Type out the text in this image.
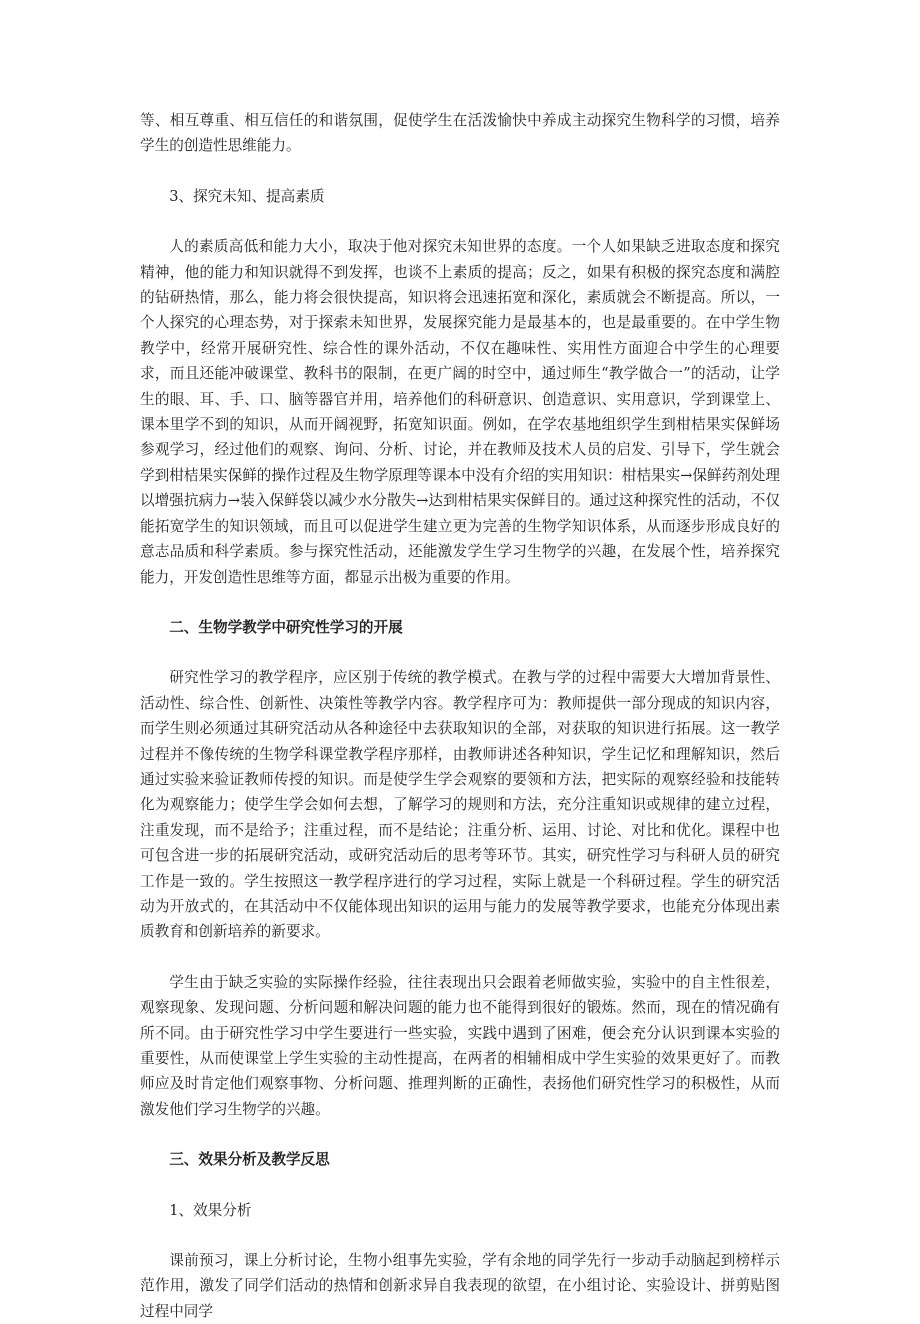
等、相互尊重、相互信任的和谐氛围，促使学生在活泼愉快中养成主动探究生物科学的习惯，培养学生的创造性思维能力。

3、探究未知、提高素质

人的素质高低和能力大小，取决于他对探究未知世界的态度。一个人如果缺乏进取态度和探究精神，他的能力和知识就得不到发挥，也谈不上素质的提高；反之，如果有积极的探究态度和满腔的钻研热情，那么，能力将会很快提高，知识将会迅速拓宽和深化，素质就会不断提高。所以，一个人探究的心理态势，对于探索未知世界，发展探究能力是最基本的，也是最重要的。在中学生物教学中，经常开展研究性、综合性的课外活动，不仅在趣味性、实用性方面迎合中学生的心理要求，而且还能冲破课堂、教科书的限制，在更广阔的时空中，通过师生“教学做合一”的活动，让学生的眼、耳、手、口、脑等器官并用，培养他们的科研意识、创造意识、实用意识，学到课堂上、课本里学不到的知识，从而开阔视野，拓宽知识面。例如，在学农基地组织学生到柑桔果实保鲜场参观学习，经过他们的观察、询问、分析、讨论，并在教师及技术人员的启发、引导下，学生就会学到柑桔果实保鲜的操作过程及生物学原理等课本中没有介绍的实用知识：柑桔果实→保鲜药剂处理以增强抗病力→装入保鲜袋以减少水分散失→达到柑桔果实保鲜目的。通过这种探究性的活动，不仅能拓宽学生的知识领域，而且可以促进学生建立更为完善的生物学知识体系，从而逐步形成良好的意志品质和科学素质。参与探究性活动，还能激发学生学习生物学的兴趣，在发展个性，培养探究能力，开发创造性思维等方面，都显示出极为重要的作用。

二、生物学教学中研究性学习的开展

研究性学习的教学程序，应区别于传统的教学模式。在教与学的过程中需要大大增加背景性、活动性、综合性、创新性、决策性等教学内容。教学程序可为：教师提供一部分现成的知识内容，而学生则必须通过其研究活动从各种途径中去获取知识的全部，对获取的知识进行拓展。这一教学过程并不像传统的生物学科课堂教学程序那样，由教师讲述各种知识，学生记忆和理解知识，然后通过实验来验证教师传授的知识。而是使学生学会观察的要领和方法，把实际的观察经验和技能转化为观察能力；使学生学会如何去想，了解学习的规则和方法，充分注重知识或规律的建立过程，注重发现，而不是给予；注重过程，而不是结论；注重分析、运用、讨论、对比和优化。课程中也可包含进一步的拓展研究活动，或研究活动后的思考等环节。其实，研究性学习与科研人员的研究工作是一致的。学生按照这一教学程序进行的学习过程，实际上就是一个科研过程。学生的研究活动为开放式的，在其活动中不仅能体现出知识的运用与能力的发展等教学要求，也能充分体现出素质教育和创新培养的新要求。

学生由于缺乏实验的实际操作经验，往往表现出只会跟着老师做实验，实验中的自主性很差，观察现象、发现问题、分析问题和解决问题的能力也不能得到很好的锻炼。然而，现在的情况确有所不同。由于研究性学习中学生要进行一些实验，实践中遇到了困难，便会充分认识到课本实验的重要性，从而使课堂上学生实验的主动性提高，在两者的相辅相成中学生实验的效果更好了。而教师应及时肯定他们观察事物、分析问题、推理判断的正确性，表扬他们研究性学习的积极性，从而激发他们学习生物学的兴趣。

三、效果分析及教学反思

1、效果分析

课前预习，课上分析讨论，生物小组事先实验，学有余地的同学先行一步动手动脑起到榜样示范作用，激发了同学们活动的热情和创新求异自我表现的欲望，在小组讨论、实验设计、拼剪贴图过程中同学
